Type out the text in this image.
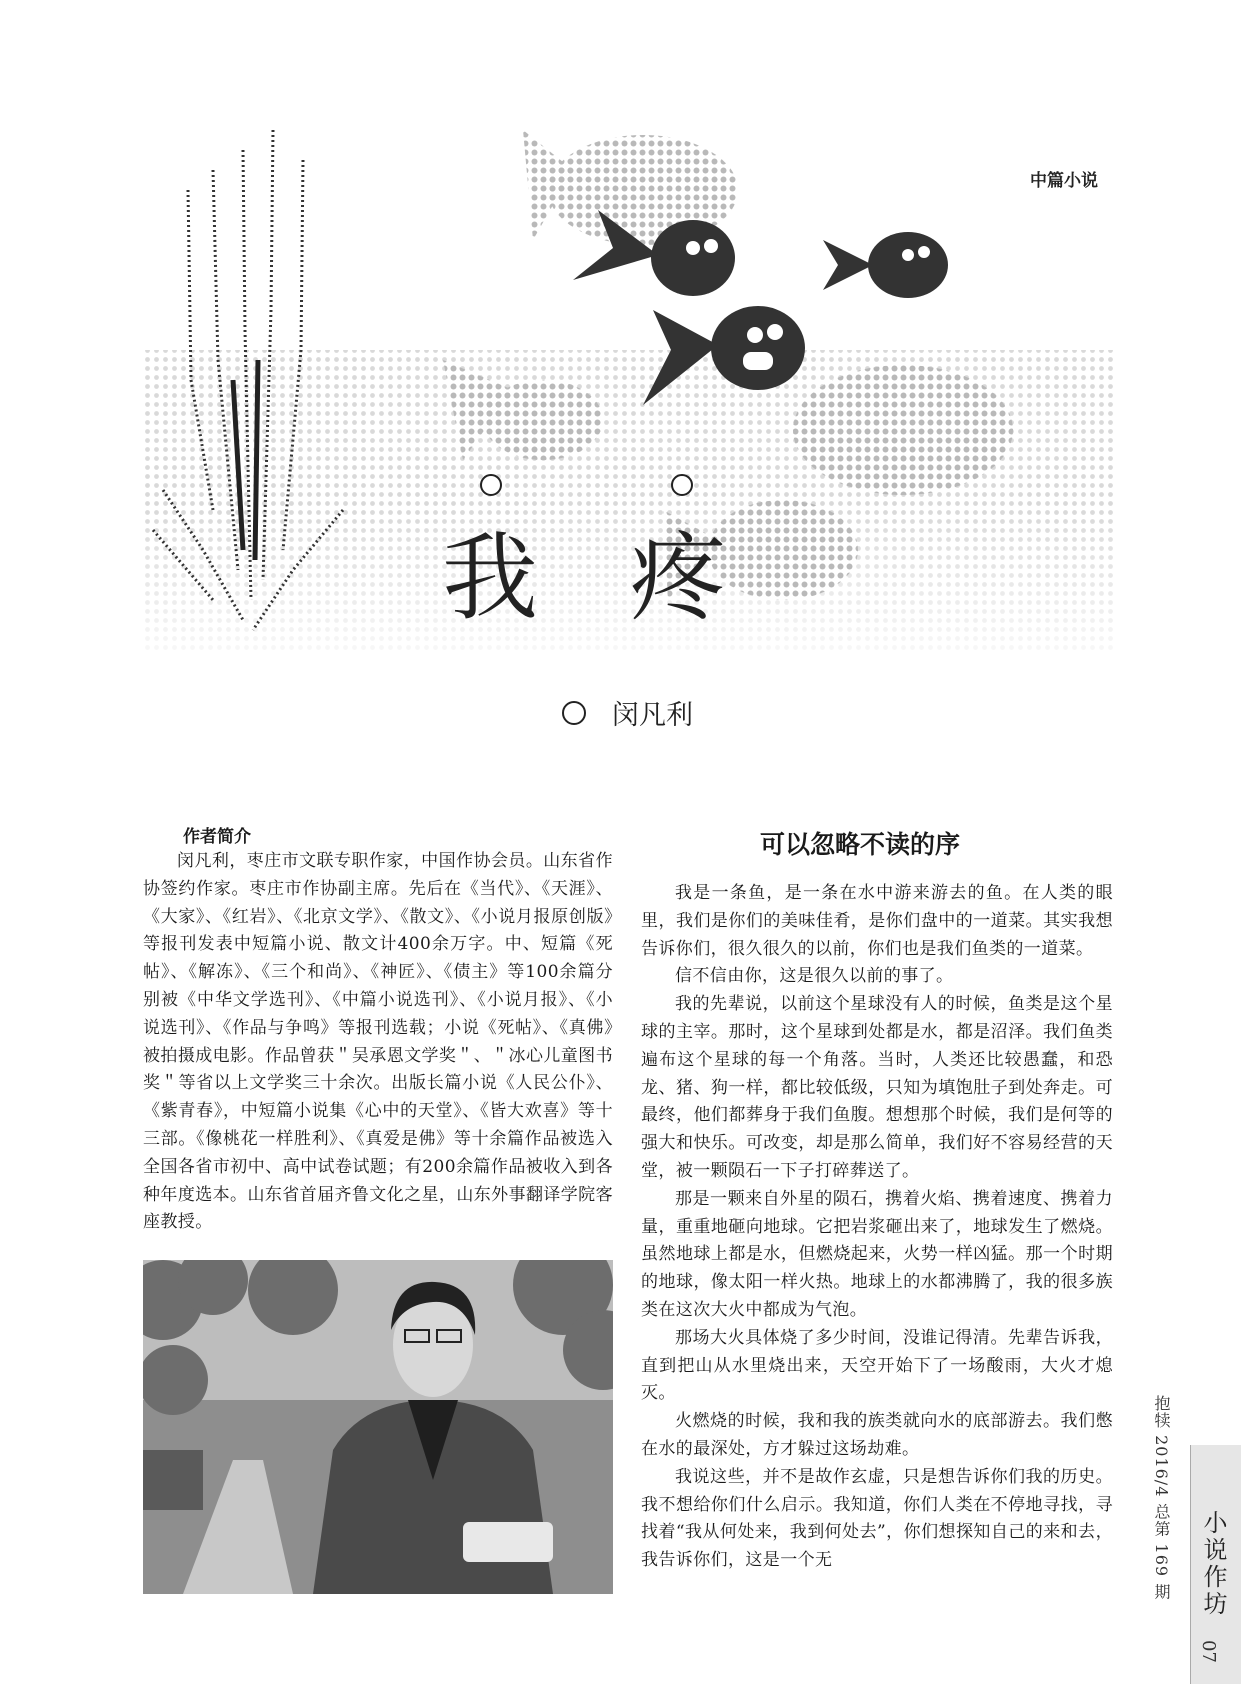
中篇小说
我 疼
闵凡利
作者简介
闵凡利，枣庄市文联专职作家，中国作协会员。山东省作协签约作家。枣庄市作协副主席。先后在《当代》、《天涯》、《大家》、《红岩》、《北京文学》、《散文》、《小说月报原创版》等报刊发表中短篇小说、散文计400余万字。中、短篇《死帖》、《解冻》、《三个和尚》、《神匠》、《债主》等100余篇分别被《中华文学选刊》、《中篇小说选刊》、《小说月报》、《小说选刊》、《作品与争鸣》等报刊选载；小说《死帖》、《真佛》被拍摄成电影。作品曾获＂吴承恩文学奖＂、＂冰心儿童图书奖＂等省以上文学奖三十余次。出版长篇小说《人民公仆》、《紫青春》，中短篇小说集《心中的天堂》、《皆大欢喜》等十三部。《像桃花一样胜利》、《真爱是佛》等十余篇作品被选入全国各省市初中、高中试卷试题；有200余篇作品被收入到各种年度选本。山东省首届齐鲁文化之星，山东外事翻译学院客座教授。
可以忽略不读的序

我是一条鱼，是一条在水中游来游去的鱼。在人类的眼里，我们是你们的美味佳肴，是你们盘中的一道菜。其实我想告诉你们，很久很久的以前，你们也是我们鱼类的一道菜。

信不信由你，这是很久以前的事了。

我的先辈说，以前这个星球没有人的时候，鱼类是这个星球的主宰。那时，这个星球到处都是水，都是沼泽。我们鱼类遍布这个星球的每一个角落。当时，人类还比较愚蠢，和恐龙、猪、狗一样，都比较低级，只知为填饱肚子到处奔走。可最终，他们都葬身于我们鱼腹。想想那个时候，我们是何等的强大和快乐。可改变，却是那么简单，我们好不容易经营的天堂，被一颗陨石一下子打碎葬送了。

那是一颗来自外星的陨石，携着火焰、携着速度、携着力量，重重地砸向地球。它把岩浆砸出来了，地球发生了燃烧。虽然地球上都是水，但燃烧起来，火势一样凶猛。那一个时期的地球，像太阳一样火热。地球上的水都沸腾了，我的很多族类在这次大火中都成为气泡。

那场大火具体烧了多少时间，没谁记得清。先辈告诉我，直到把山从水里烧出来，天空开始下了一场酸雨，大火才熄灭。

火燃烧的时候，我和我的族类就向水的底部游去。我们憋在水的最深处，方才躲过这场劫难。

我说这些，并不是故作玄虚，只是想告诉你们我的历史。我不想给你们什么启示。我知道，你们人类在不停地寻找，寻找着“我从何处来，我到何处去”，你们想探知自己的来和去，我告诉你们，这是一个无	抱犊 2016/4 总第 169 期 小说作坊
07
